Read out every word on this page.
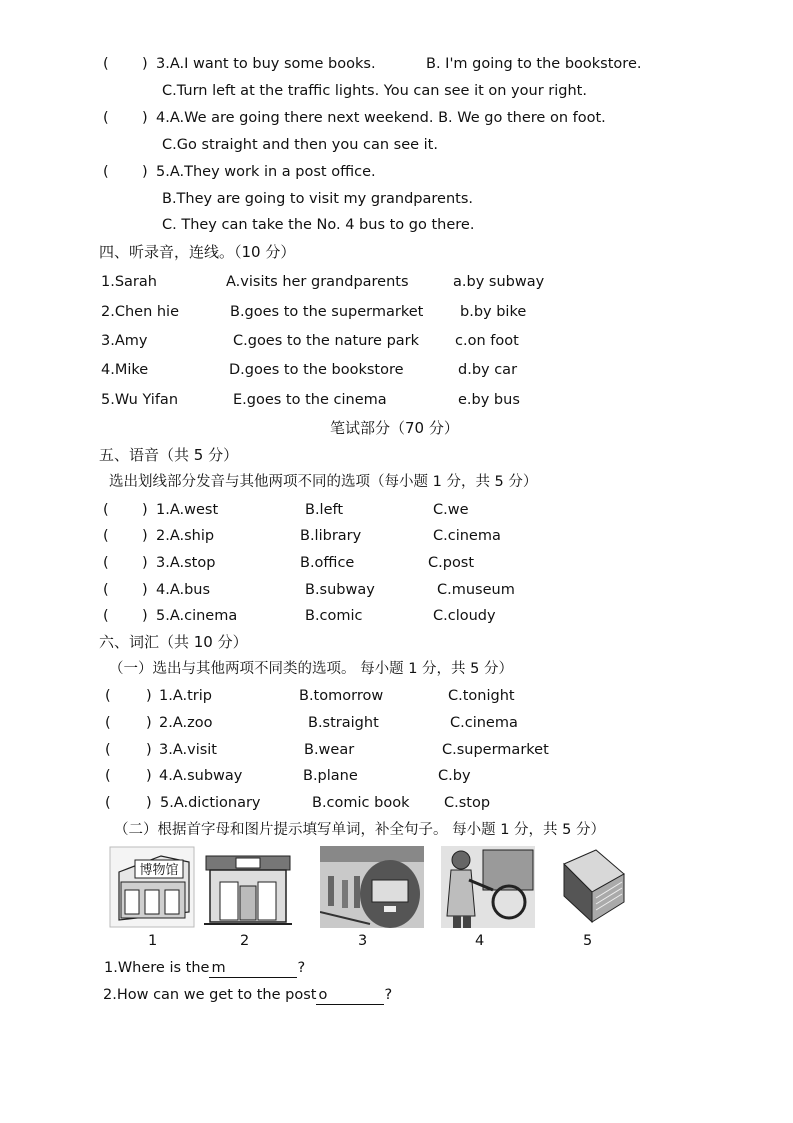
( ) 3.A.I want to buy some books.	B. I'm going to the bookstore.
C.Turn left at the traffic lights. You can see it on your right.
( ) 4.A.We are going there next weekend. B. We go there on foot.
C.Go straight and then you can see it.
( ) 5.A.They work in a post office.
B.They are going to visit my grandparents.
C. They can take the No. 4 bus to go there.
四、听录音，连线。（10 分）
1.Sarah	A.visits her grandparents	a.by subway
2.Chen hie	B.goes to the supermarket	b.by bike
3.Amy	C.goes to the nature park c.on foot
4.Mike	D.goes to the bookstore	d.by car
5.Wu Yifan	E.goes to the cinema	e.by bus
笔试部分（70 分）
五、语音（共 5 分）
选出划线部分发音与其他两项不同的选项（每小题 1 分，共 5 分）
( ) 1.A.west	B.left	C.we
( ) 2.A.ship	B.library	C.cinema
( ) 3.A.stop	B.office	C.post
( ) 4.A.bus	B.subway	C.museum
( ) 5.A.cinema	B.comic	C.cloudy
六、词汇（共 10 分）
（一）选出与其他两项不同类的选项。 每小题 1 分，共 5 分）
( ) 1.A.trip	B.tomorrow	C.tonight
( ) 2.A.zoo	B.straight	C.cinema
( ) 3.A.visit	B.wear	C.supermarket
( ) 4.A.subway	B.plane	C.by
( ) 5.A.dictionary	B.comic book C.stop
（二）根据首字母和图片提示填写单词，补全句子。 每小题 1 分，共 5 分）
博物馆
1	2	3	4	5
1.Where is the m	?
2.How can we get to the post o	?
